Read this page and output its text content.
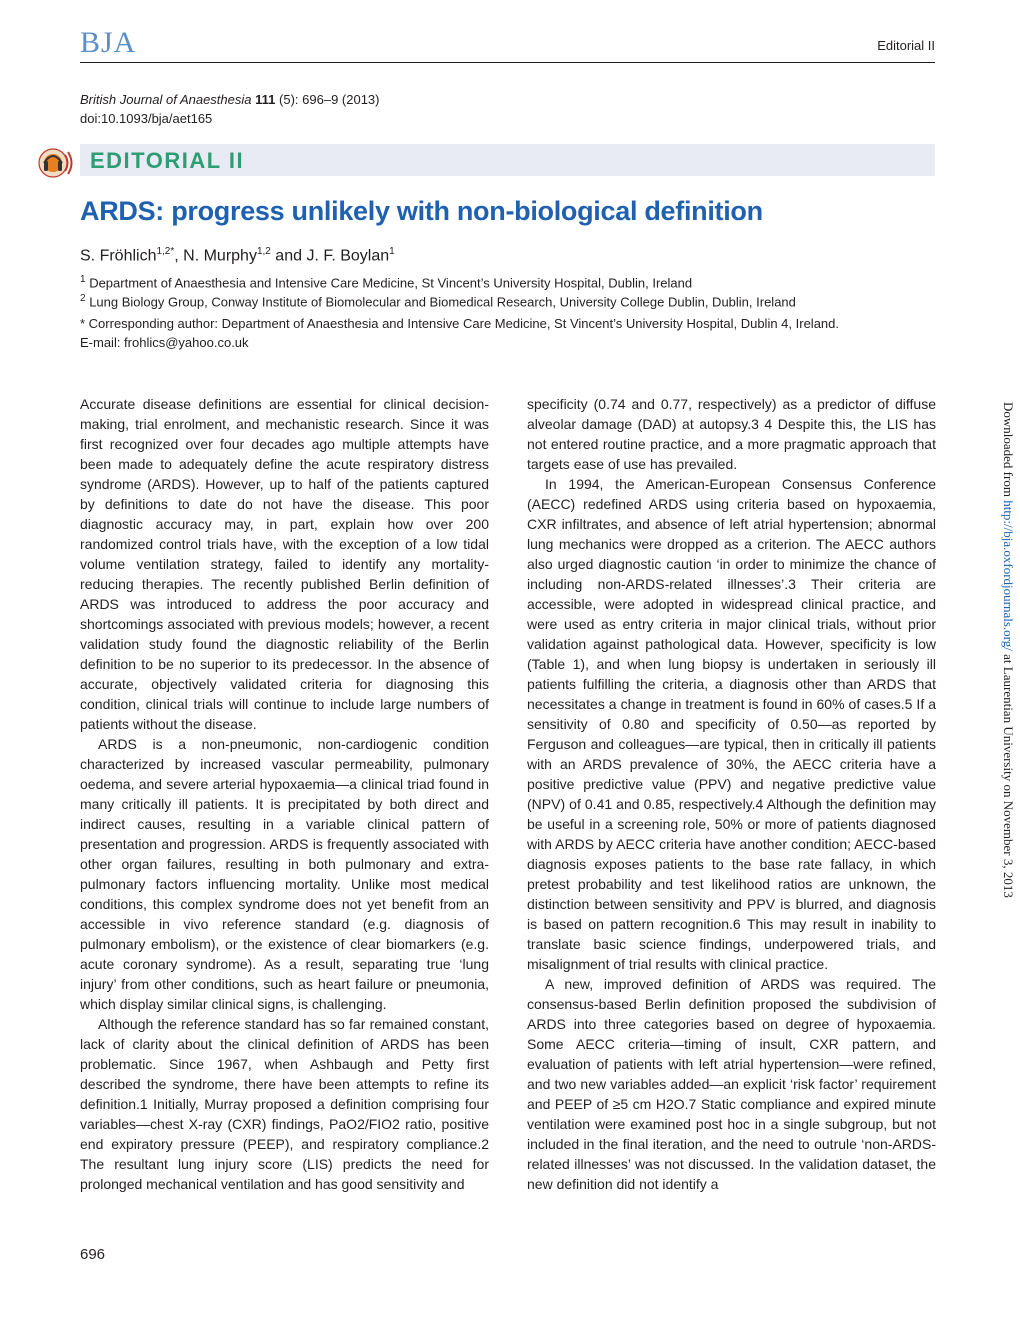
BJA	Editorial II
British Journal of Anaesthesia 111 (5): 696–9 (2013)
doi:10.1093/bja/aet165
EDITORIAL II
ARDS: progress unlikely with non-biological definition
S. Fröhlich$^{1,2*}$, N. Murphy$^{1,2}$ and J. F. Boylan$^1$
$^1$ Department of Anaesthesia and Intensive Care Medicine, St Vincent’s University Hospital, Dublin, Ireland
$^2$ Lung Biology Group, Conway Institute of Biomolecular and Biomedical Research, University College Dublin, Dublin, Ireland
* Corresponding author: Department of Anaesthesia and Intensive Care Medicine, St Vincent’s University Hospital, Dublin 4, Ireland.
E-mail: frohlics@yahoo.co.uk

Accurate disease definitions are essential for clinical decision-making, trial enrolment, and mechanistic research. Since it was first recognized over four decades ago multiple attempts have been made to adequately define the acute respiratory distress syndrome (ARDS). However, up to half of the patients captured by definitions to date do not have the disease. This poor diagnostic accuracy may, in part, explain how over 200 randomized control trials have, with the exception of a low tidal volume ventilation strategy, failed to identify any mortality-reducing therapies. The recently published Berlin definition of ARDS was introduced to address the poor accuracy and shortcomings associated with previous models; however, a recent validation study found the diagnostic reliability of the Berlin definition to be no superior to its predecessor. In the absence of accurate, objectively validated criteria for diagnosing this condition, clinical trials will continue to include large numbers of patients without the disease.

ARDS is a non-pneumonic, non-cardiogenic condition characterized by increased vascular permeability, pulmonary oedema, and severe arterial hypoxaemia—a clinical triad found in many critically ill patients. It is precipitated by both direct and indirect causes, resulting in a variable clinical pattern of presentation and progression. ARDS is frequently associated with other organ failures, resulting in both pulmonary and extra-pulmonary factors influencing mortality. Unlike most medical conditions, this complex syndrome does not yet benefit from an accessible in vivo reference standard (e.g. diagnosis of pulmonary embolism), or the existence of clear biomarkers (e.g. acute coronary syndrome). As a result, separating true ‘lung injury’ from other conditions, such as heart failure or pneumonia, which display similar clinical signs, is challenging.

Although the reference standard has so far remained constant, lack of clarity about the clinical definition of ARDS has been problematic. Since 1967, when Ashbaugh and Petty first described the syndrome, there have been attempts to refine its definition.1 Initially, Murray proposed a definition comprising four variables—chest X-ray (CXR) findings, PaO2/FIO2 ratio, positive end expiratory pressure (PEEP), and respiratory compliance.2 The resultant lung injury score (LIS) predicts the need for prolonged mechanical ventilation and has good sensitivity and

specificity (0.74 and 0.77, respectively) as a predictor of diffuse alveolar damage (DAD) at autopsy.3 4 Despite this, the LIS has not entered routine practice, and a more pragmatic approach that targets ease of use has prevailed.

In 1994, the American-European Consensus Conference (AECC) redefined ARDS using criteria based on hypoxaemia, CXR infiltrates, and absence of left atrial hypertension; abnormal lung mechanics were dropped as a criterion. The AECC authors also urged diagnostic caution ‘in order to minimize the chance of including non-ARDS-related illnesses’.3 Their criteria are accessible, were adopted in widespread clinical practice, and were used as entry criteria in major clinical trials, without prior validation against pathological data. However, specificity is low (Table 1), and when lung biopsy is undertaken in seriously ill patients fulfilling the criteria, a diagnosis other than ARDS that necessitates a change in treatment is found in 60% of cases.5 If a sensitivity of 0.80 and specificity of 0.50—as reported by Ferguson and colleagues—are typical, then in critically ill patients with an ARDS prevalence of 30%, the AECC criteria have a positive predictive value (PPV) and negative predictive value (NPV) of 0.41 and 0.85, respectively.4 Although the definition may be useful in a screening role, 50% or more of patients diagnosed with ARDS by AECC criteria have another condition; AECC-based diagnosis exposes patients to the base rate fallacy, in which pretest probability and test likelihood ratios are unknown, the distinction between sensitivity and PPV is blurred, and diagnosis is based on pattern recognition.6 This may result in inability to translate basic science findings, underpowered trials, and misalignment of trial results with clinical practice.

A new, improved definition of ARDS was required. The consensus-based Berlin definition proposed the subdivision of ARDS into three categories based on degree of hypoxaemia. Some AECC criteria—timing of insult, CXR pattern, and evaluation of patients with left atrial hypertension—were refined, and two new variables added—an explicit ‘risk factor’ requirement and PEEP of ≥5 cm H2O.7 Static compliance and expired minute ventilation were examined post hoc in a single subgroup, but not included in the final iteration, and the need to outrule ‘non-ARDS-related illnesses’ was not discussed. In the validation dataset, the new definition did not identify a

696
Downloaded from http://bja.oxfordjournals.org/ at Laurentian University on November 3, 2013
